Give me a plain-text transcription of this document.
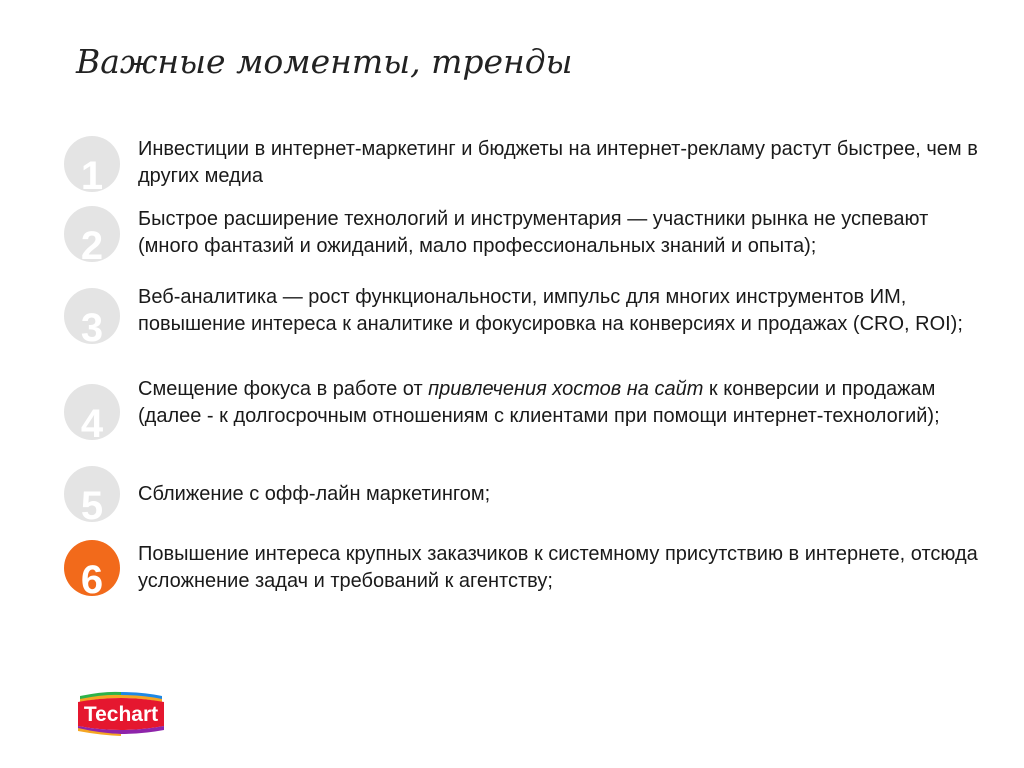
Важные моменты, тренды
1

Инвестиции в интернет-маркетинг и бюджеты на интернет-рекламу растут быстрее, чем в других медиа

2

Быстрое расширение технологий и инструментария — участники рынка не успевают (много фантазий и ожиданий, мало профессиональных знаний и опыта);

3

Веб-аналитика — рост функциональности, импульс для многих инструментов ИМ, повышение интереса к аналитике и фокусировка на конверсиях и продажах (CRO, ROI);

4

Смещение фокуса в работе от привлечения хостов на сайт к конверсии и продажам (далее - к долгосрочным отношениям с клиентами при помощи интернет-технологий);

5	Сближение с офф-лайн маркетингом;

6

Повышение интереса крупных заказчиков к системному присутствию в интернете, отсюда усложнение задач и требований к агентству;

Techart
